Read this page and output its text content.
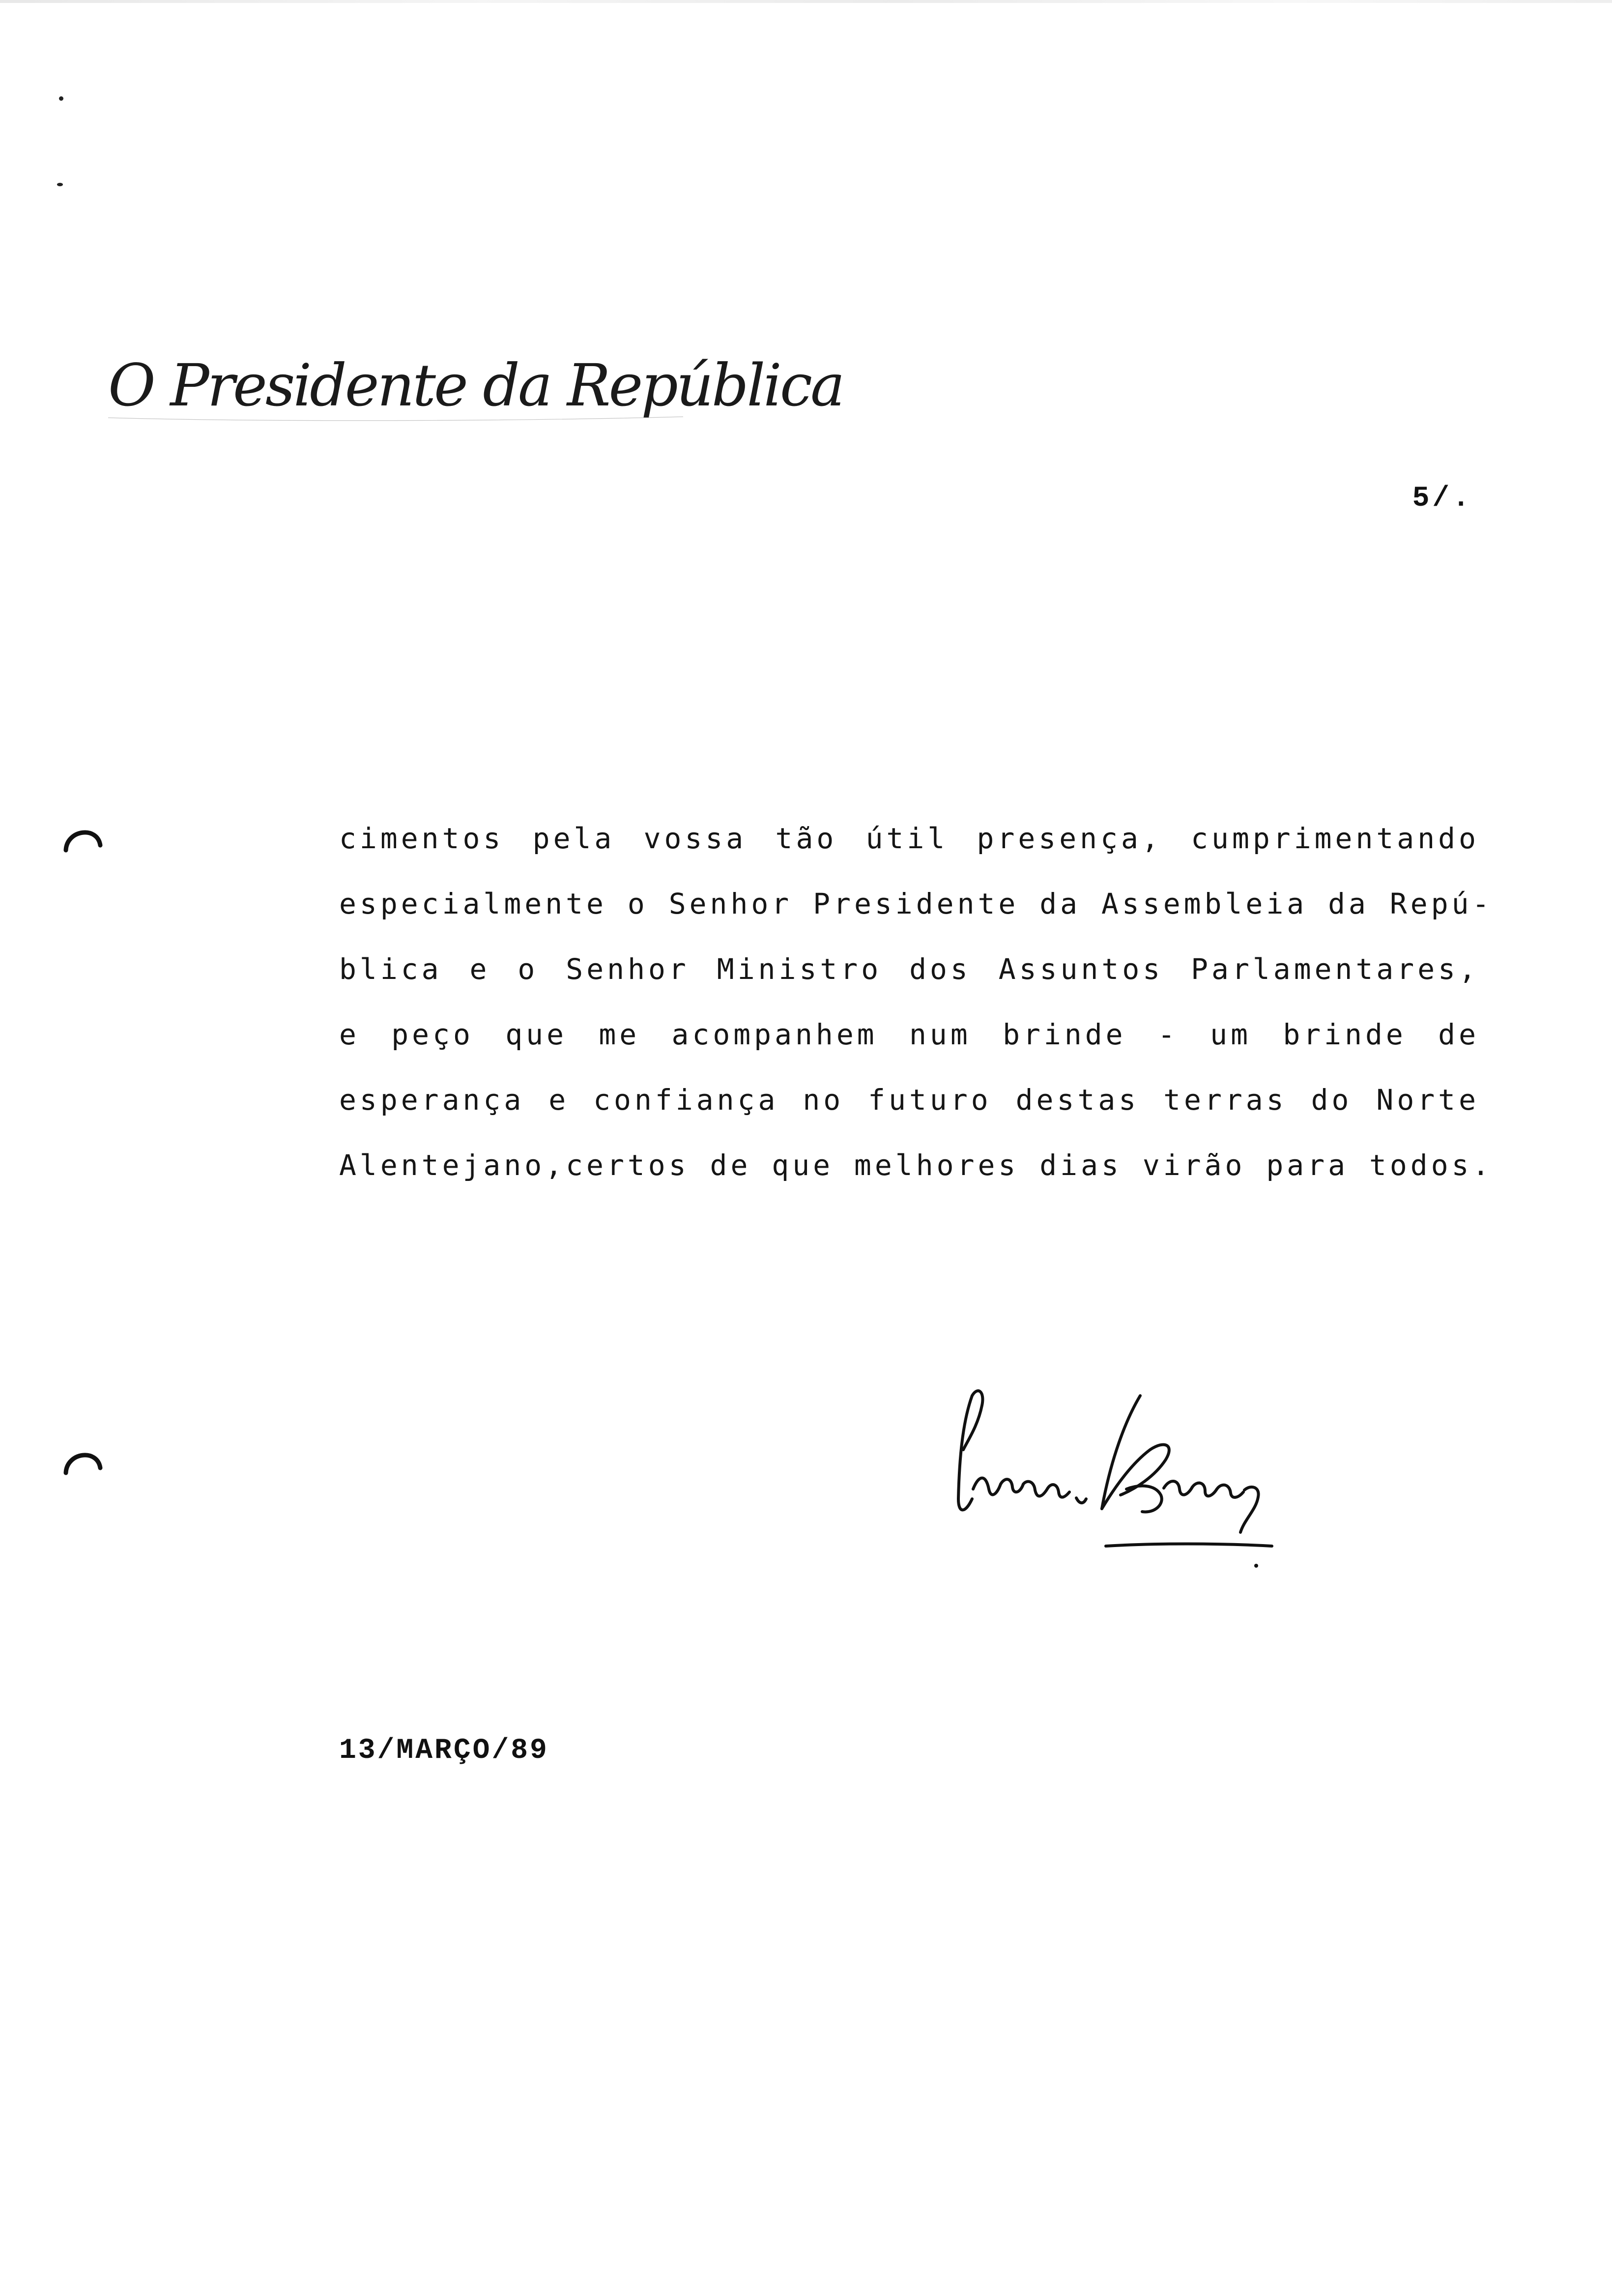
O Presidente da República
5/.
cimentos pela vossa tão útil presença, cumprimentando
especialmente o Senhor Presidente da Assembleia da Repú-
blica e o Senhor Ministro dos Assuntos Parlamentares,
e peço que me acompanhem num brinde - um brinde de
esperança e confiança no futuro destas terras do Norte
Alentejano,certos de que melhores dias virão para todos.
13/MARÇO/89
